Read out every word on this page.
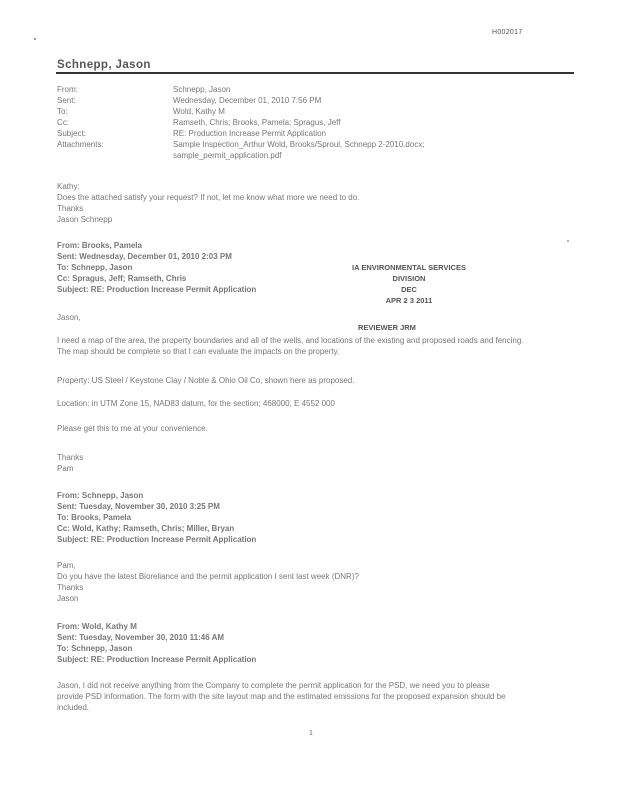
H002017
Schnepp, Jason
From:	Schnepp, Jason
Sent:	Wednesday, December 01, 2010 7:56 PM
To:	Wold, Kathy M
Cc:	Ramseth, Chris; Brooks, Pamela; Spragus, Jeff
Subject:	RE: Production Increase Permit Application
Attachments:	Sample Inspection_Arthur Wold, Brooks/Sproul, Schnepp 2-2010.docx;
sample_permit_application.pdf
Kathy:
Does the attached satisfy your request? If not, let me know what more we need to do.
Thanks
Jason Schnepp
From: Brooks, Pamela
Sent: Wednesday, December 01, 2010 2:03 PM
To: Schnepp, Jason
Cc: Spragus, Jeff; Ramseth, Chris
Subject: RE: Production Increase Permit Application
IA ENVIRONMENTAL SERVICES
DIVISION
DEC
APR 2 3 2011
REVIEWER JRM
Jason,
I need a map of the area, the property boundaries and all of the wells, and locations of the existing and proposed roads and fencing.
The map should be complete so that I can evaluate the impacts on the property.
Property: US Steel / Keystone Clay / Noble & Ohio Oil Co, shown here as proposed.
Location: in UTM Zone 15, NAD83 datum, for the section; 468000, E 4552 000
Please get this to me at your convenience.
Thanks
Pam
From: Schnepp, Jason
Sent: Tuesday, November 30, 2010 3:25 PM
To: Brooks, Pamela
Cc: Wold, Kathy; Ramseth, Chris; Miller, Bryan
Subject: RE: Production Increase Permit Application
Pam,
Do you have the latest Bioreliance and the permit application I sent last week (DNR)?
Thanks
Jason
From: Wold, Kathy M
Sent: Tuesday, November 30, 2010 11:46 AM
To: Schnepp, Jason
Subject: RE: Production Increase Permit Application
Jason, I did not receive anything from the Company to complete the permit application for the PSD, we need you to please
provide PSD information. The form with the site layout map and the estimated emissions for the proposed expansion should be
included.
1
